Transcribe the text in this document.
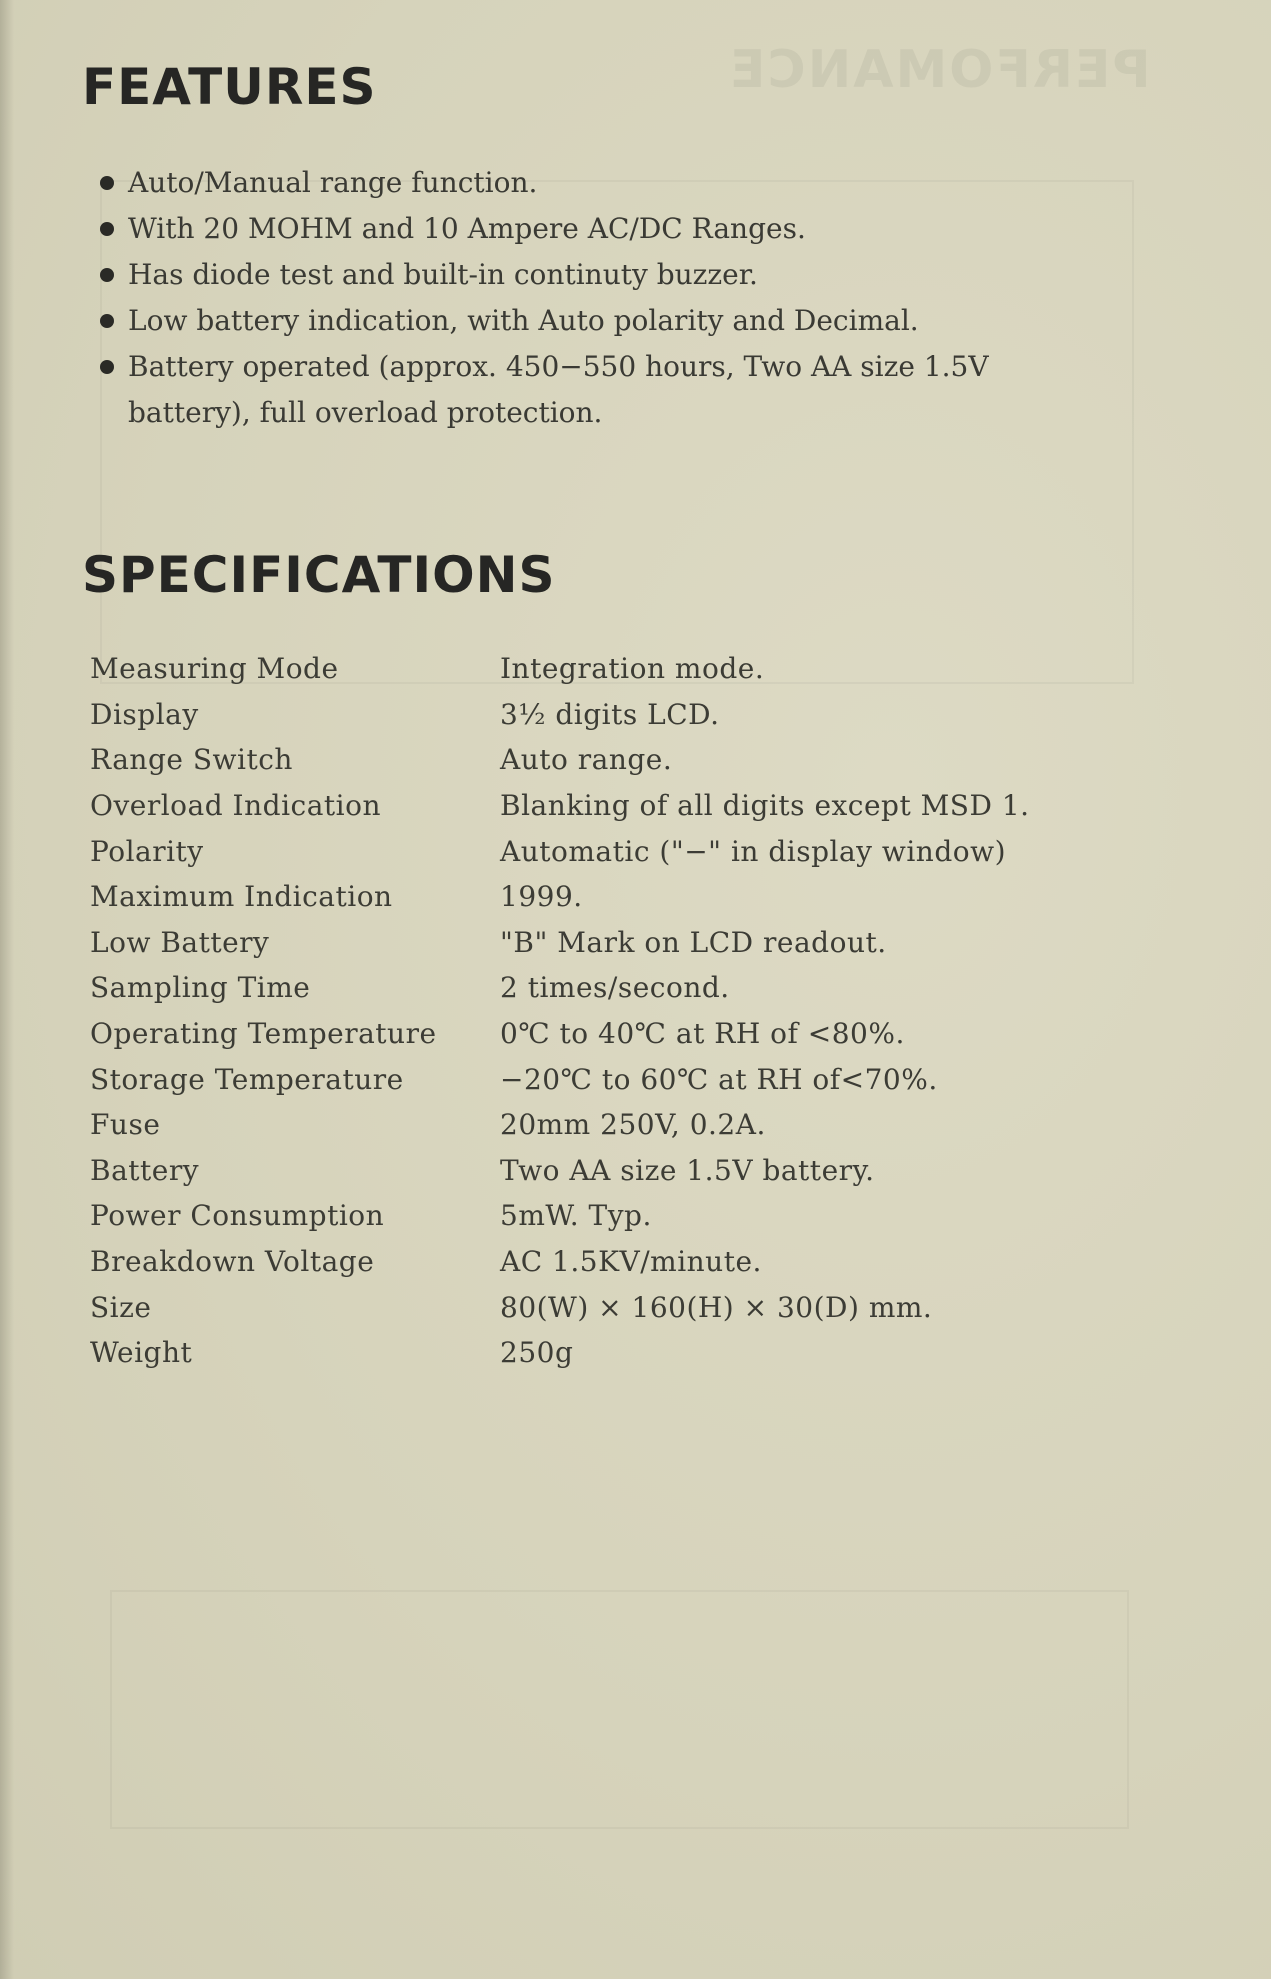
PERFOMANCE
FEATURES
Auto/Manual range function.
With 20 MOHM and 10 Ampere AC/DC Ranges.
Has diode test and built-in continuty buzzer.
Low battery indication, with Auto polarity and Decimal.
Battery operated (approx. 450−550 hours, Two AA size 1.5V battery), full overload protection.
SPECIFICATIONS
Measuring Mode	Integration mode.
Display	3½ digits LCD.
Range Switch	Auto range.
Overload Indication	Blanking of all digits except MSD 1.
Polarity	Automatic ("−" in display window)
Maximum Indication	1999.
Low Battery	"B" Mark on LCD readout.
Sampling Time	2 times/second.
Operating Temperature	0℃ to 40℃ at RH of <80%.
Storage Temperature	−20℃ to 60℃ at RH of<70%.
Fuse	20mm 250V, 0.2A.
Battery	Two AA size 1.5V battery.
Power Consumption	5mW. Typ.
Breakdown Voltage	AC 1.5KV/minute.
Size	80(W) × 160(H) × 30(D) mm.
Weight	250g
